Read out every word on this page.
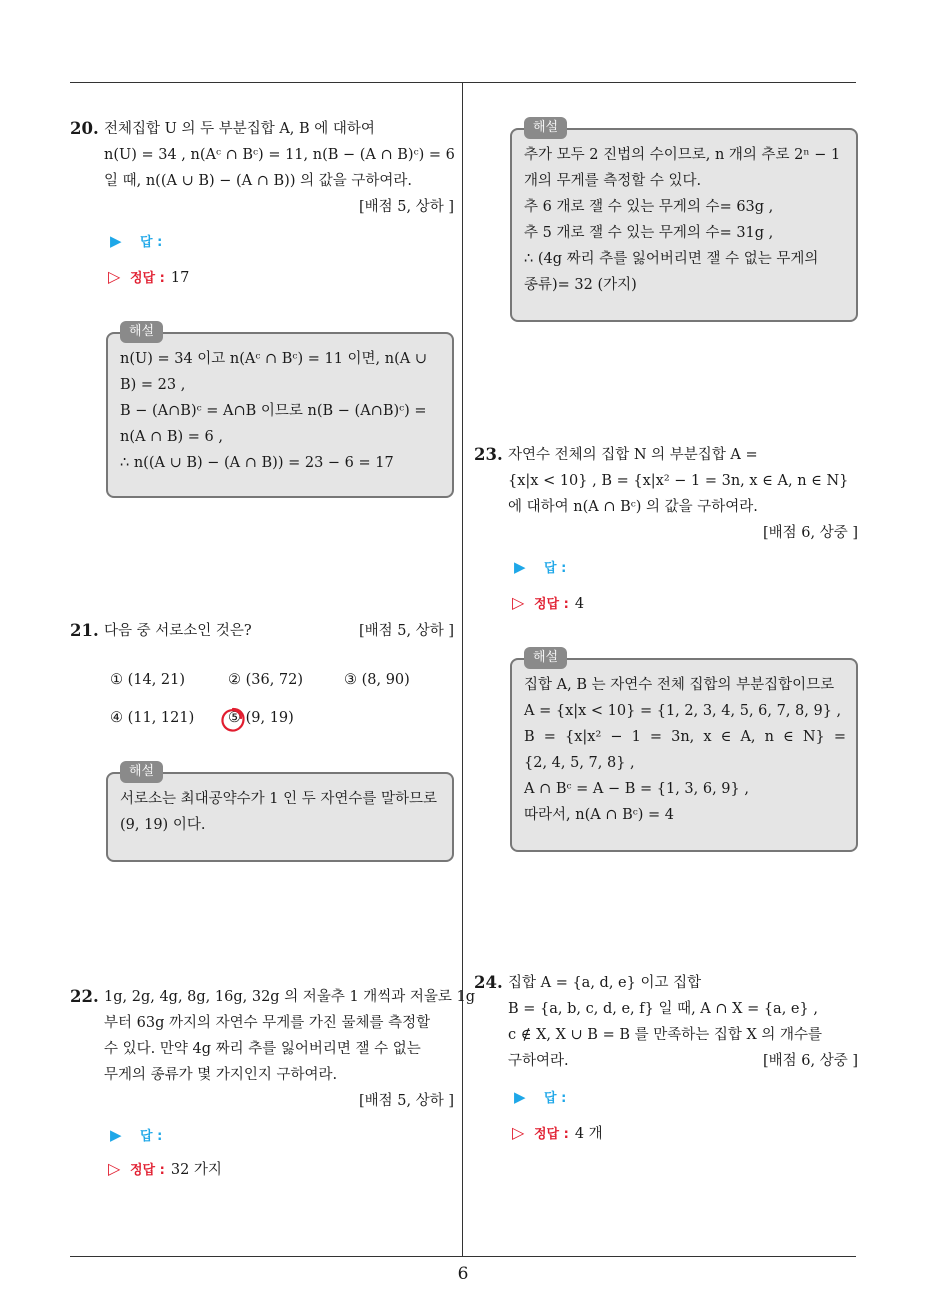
20. 전체집합 U 의 두 부분집합 A, B 에 대하여
n(U) = 34 , n(Aᶜ ∩ Bᶜ) = 11, n(B − (A ∩ B)ᶜ) = 6
일 때, n((A ∪ B) − (A ∩ B)) 의 값을 구하여라.
[배점 5, 상하 ]
▶ 답 :
▷ 정답 : 17
해설
n(U) = 34 이고 n(Aᶜ ∩ Bᶜ) = 11 이면, n(A ∪
B) = 23 ,
B − (A∩B)ᶜ = A∩B 이므로 n(B − (A∩B)ᶜ) =
n(A ∩ B) = 6 ,
∴ n((A ∪ B) − (A ∩ B)) = 23 − 6 = 17
21. 다음 중 서로소인 것은?	[배점 5, 상하 ]
① (14, 21)	② (36, 72)	③ (8, 90)
④ (11, 121) ⑤ (9, 19)
해설
서로소는 최대공약수가 1 인 두 자연수를 말하므로
(9, 19) 이다.
22. 1g, 2g, 4g, 8g, 16g, 32g 의 저울추 1 개씩과 저울로 1g
부터 63g 까지의 자연수 무게를 가진 물체를 측정할
수 있다. 만약 4g 짜리 추를 잃어버리면 잴 수 없는
무게의 종류가 몇 가지인지 구하여라.
[배점 5, 상하 ]
▶ 답 :
▷ 정답 : 32 가지
해설
추가 모두 2 진법의 수이므로, n 개의 추로 2ⁿ − 1
개의 무게를 측정할 수 있다.
추 6 개로 잴 수 있는 무게의 수= 63g ,
추 5 개로 잴 수 있는 무게의 수= 31g ,
∴ (4g 짜리 추를 잃어버리면 잴 수 없는 무게의
종류)= 32 (가지)
23. 자연수 전체의 집합 N 의 부분집합 A =
{x|x < 10} , B = {x|x² − 1 = 3n, x ∈ A, n ∈ N}
에 대하여 n(A ∩ Bᶜ) 의 값을 구하여라.
[배점 6, 상중 ]
▶ 답 :
▷ 정답 : 4
해설
집합 A, B 는 자연수 전체 집합의 부분집합이므로
A = {x|x < 10} = {1, 2, 3, 4, 5, 6, 7, 8, 9} ,
B = {x|x² − 1 = 3n, x ∈ A, n ∈ N} =
{2, 4, 5, 7, 8} ,
A ∩ Bᶜ = A − B = {1, 3, 6, 9} ,
따라서, n(A ∩ Bᶜ) = 4
24. 집합 A = {a, d, e} 이고 집합
B = {a, b, c, d, e, f} 일 때, A ∩ X = {a, e} ,
c ∉ X, X ∪ B = B 를 만족하는 집합 X 의 개수를
구하여라.	[배점 6, 상중 ]
▶ 답 :
▷ 정답 : 4 개
6
